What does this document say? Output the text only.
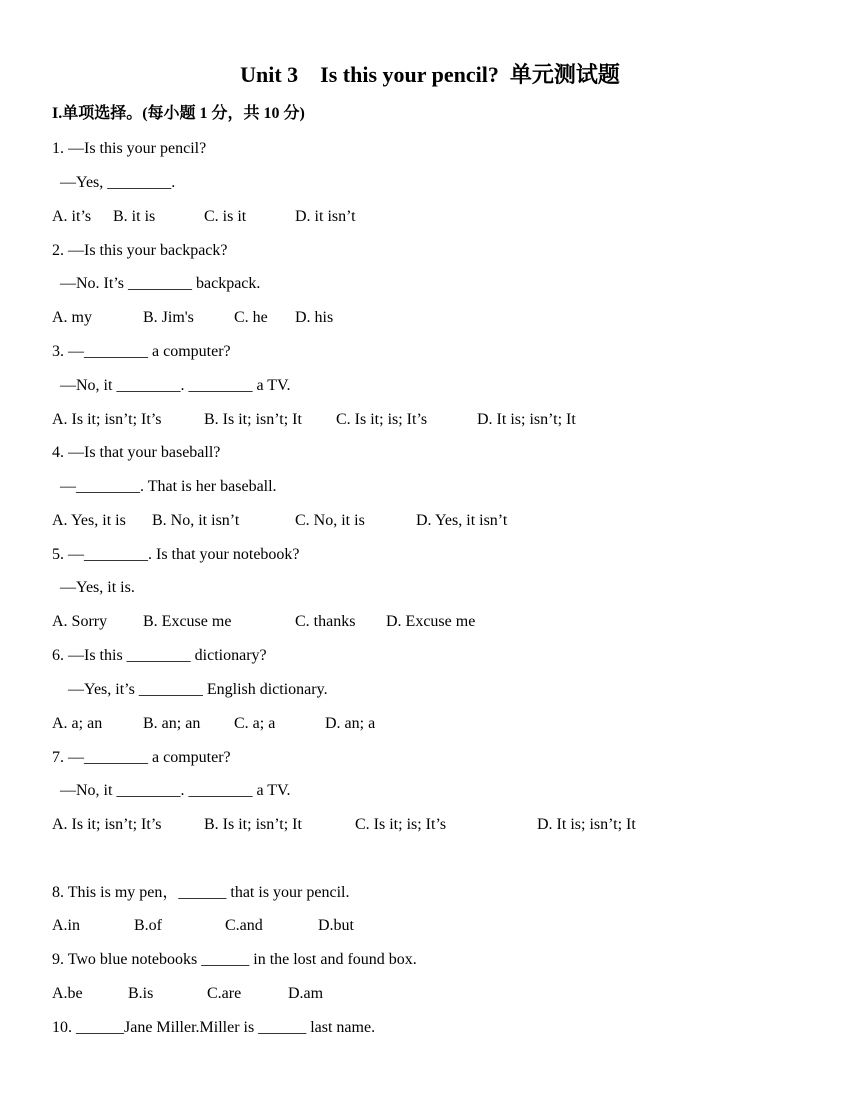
Unit 3    Is this your pencil?  单元测试题
I.单项选择。(每小题 1 分，共 10 分)
1. —Is this your pencil?
—Yes, ________.
A. it’s B. it is	C. is it	D. it isn’t
2. —Is this your backpack?
—No. It’s ________ backpack.
A. my	B. Jim's	C. he D. his
3. —________ a computer?
—No, it ________. ________ a TV.
A. Is it; isn’t; It’s	B. Is it; isn’t; It C. Is it; is; It’s	D. It is; isn’t; It
4. —Is that your baseball?
—________. That is her baseball.
A. Yes, it is B. No, it isn’t	C. No, it is	D. Yes, it isn’t
5. —________. Is that your notebook?
—Yes, it is.
A. Sorry B. Excuse me	C. thanks D. Excuse me
6. —Is this ________ dictionary?
—Yes, it’s ________ English dictionary.
A. a; an	B. an; an C. a; a	D. an; a
7. —________ a computer?
—No, it ________. ________ a TV.
A. Is it; isn’t; It’s	B. Is it; isn’t; It	C. Is it; is; It’s	D. It is; isn’t; It
8. This is my pen，______ that is your pencil.
A.in	B.of	C.and	D.but
9. Two blue notebooks ______ in the lost and found box.
A.be	B.is	C.are	D.am
10. ______Jane Miller.Miller is ______ last name.
